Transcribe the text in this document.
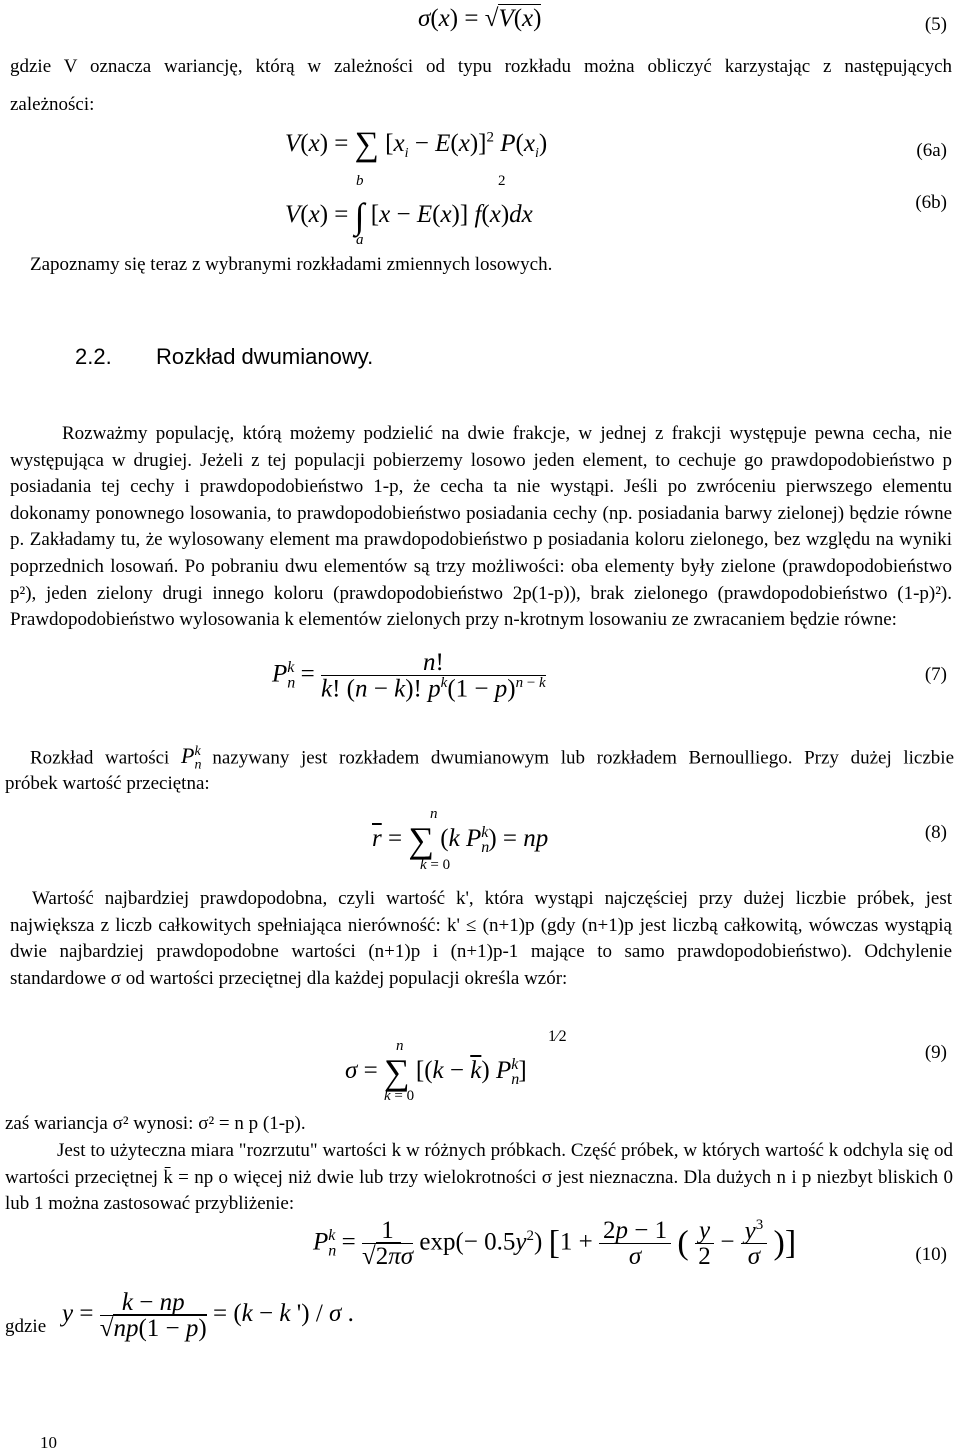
σ(x) = √V(x)	(5)
gdzie V oznacza wariancję, którą w zależności od typu rozkładu można obliczyć karzystając z następujących
zależności:
V(x) = ∑ $[x_i - E(x)]^2$ $P(x_i)$	(6a)
b	2
V(x) = ∫ [x − E(x)] f(x)dx
a
(6b)
Zapoznamy się teraz z wybranymi rozkładami zmiennych losowych.
2.2. Rozkład dwumianowy.
Rozważmy populację, którą możemy podzielić na dwie frakcje, w jednej z frakcji występuje pewna cecha, nie występująca w drugiej. Jeżeli z tej populacji pobierzemy losowo jeden element, to cechuje go prawdopodobieństwo p posiadania tej cechy i prawdopodobieństwo 1-p, że cecha ta nie wystąpi. Jeśli po zwróceniu pierwszego elementu dokonamy ponownego losowania, to prawdopodobieństwo posiadania cechy (np. posiadania barwy zielonej) będzie równe p. Zakładamy tu, że wylosowany element ma prawdopodobieństwo p posiadania koloru zielonego, bez względu na wyniki poprzednich losowań. Po pobraniu dwu elementów są trzy możliwości: oba elementy były zielone (prawdopodobieństwo p²), jeden zielony drugi innego koloru (prawdopodobieństwo 2p(1-p)), brak zielonego (prawdopodobieństwo (1-p)²). Prawdopodobieństwo wylosowania k elementów zielonych przy n-krotnym losowaniu ze zwracaniem będzie równe:
$P_n^k = \frac{n!}{k! (n - k)! p^k(1 - p)^{n - k}}$	(7)
Rozkład wartości $P_n^k$ nazywany jest rozkładem dwumianowym lub rozkładem Bernoulliego. Przy dużej liczbie
próbek wartość przeciętna:
n
$\overline{r}$ = ∑ (k $P_n^k$) = np
k = 0
(8)
Wartość najbardziej prawdopodobna, czyli wartość k', która wystąpi najczęściej przy dużej liczbie próbek, jest największa z liczb całkowitych spełniająca nierówność: k' ≤ (n+1)p (gdy (n+1)p jest liczbą całkowitą, wówczas wystąpią dwie najbardziej prawdopodobne wartości (n+1)p i (n+1)p-1 mające to samo prawdopodobieństwo). Odchylenie standardowe σ od wartości przeciętnej dla każdej populacji określa wzór:
1⁄2
n
σ = ∑ [$(k - \overline{k})$ $P_n^k$]
k = 0
(9)
zaś wariancja σ² wynosi: σ² = n p (1-p).
Jest to użyteczna miara "rozrzutu" wartości k w różnych próbkach. Część próbek, w których wartość k odchyla się od wartości przeciętnej k̄ = np o więcej niż dwie lub trzy wielokrotności σ jest nieznaczna. Dla dużych n i p niezbyt bliskich 0 lub 1 można zastosować przybliżenie:
$P_n^k = \frac{1}{√2\pi\sigma} \exp(- 0.5y^2) [1 + \frac{2p - 1}{\sigma}$ ( $\frac{y}{2} - \frac{y^3}{\sigma}$ )]	(10)
gdzie $y = \frac{k - np}{√np(1 - p)} = (k - k$ ') / σ .
10
